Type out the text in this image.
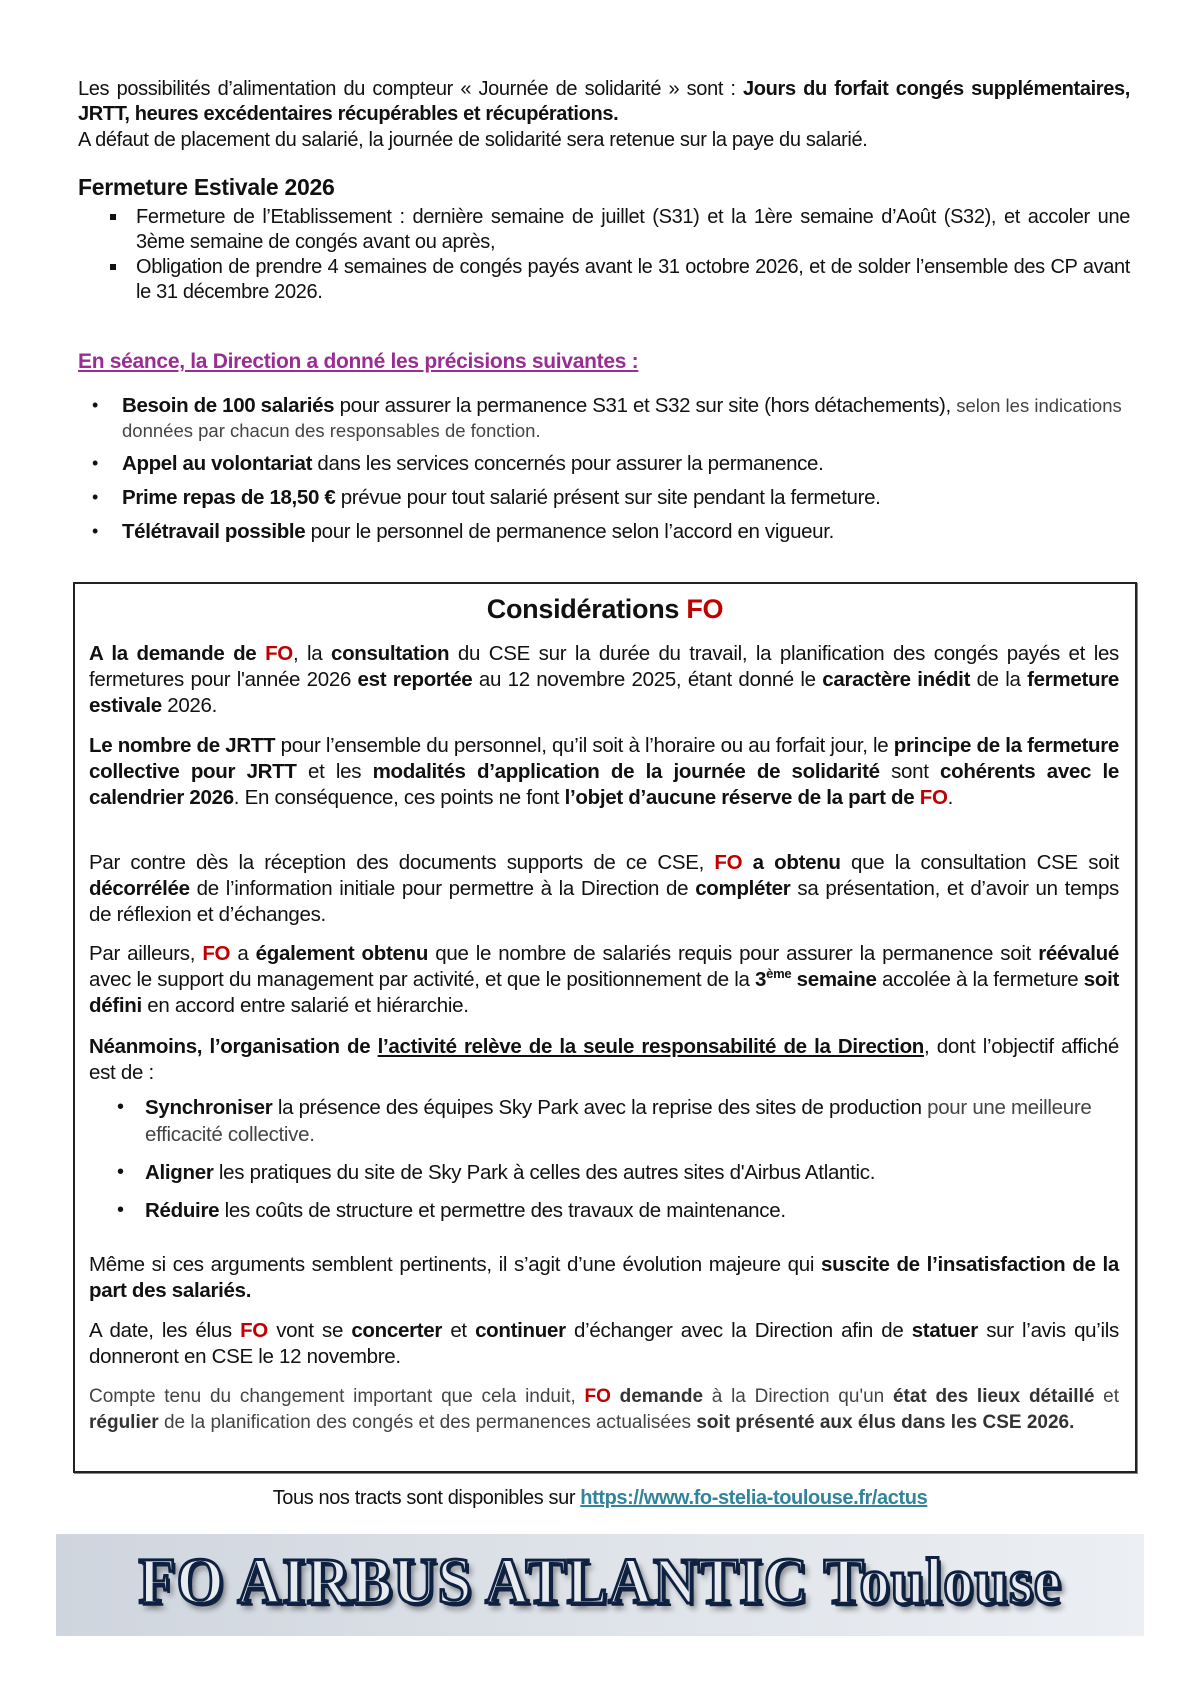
Les possibilités d’alimentation du compteur « Journée de solidarité » sont : Jours du forfait congés supplémentaires, JRTT, heures excédentaires récupérables et récupérations.

A défaut de placement du salarié, la journée de solidarité sera retenue sur la paye du salarié.

Fermeture Estivale 2026
Fermeture de l’Etablissement : dernière semaine de juillet (S31) et la 1ère semaine d’Août (S32), et accoler une 3ème semaine de congés avant ou après,
Obligation de prendre 4 semaines de congés payés avant le 31 octobre 2026, et de solder l’ensemble des CP avant le 31 décembre 2026.
En séance, la Direction a donné les précisions suivantes :
• Besoin de 100 salariés pour assurer la permanence S31 et S32 sur site (hors détachements), selon les indications données par chacun des responsables de fonction.
• Appel au volontariat dans les services concernés pour assurer la permanence.
• Prime repas de 18,50 € prévue pour tout salarié présent sur site pendant la fermeture.
• Télétravail possible pour le personnel de permanence selon l’accord en vigueur.
Considérations FO

A la demande de FO, la consultation du CSE sur la durée du travail, la planification des congés payés et les fermetures pour l'année 2026 est reportée au 12 novembre 2025, étant donné le caractère inédit de la fermeture estivale 2026.

Le nombre de JRTT pour l’ensemble du personnel, qu’il soit à l’horaire ou au forfait jour, le principe de la fermeture collective pour JRTT et les modalités d’application de la journée de solidarité sont cohérents avec le calendrier 2026. En conséquence, ces points ne font l’objet d’aucune réserve de la part de FO.

Par contre dès la réception des documents supports de ce CSE, FO a obtenu que la consultation CSE soit décorrélée de l’information initiale pour permettre à la Direction de compléter sa présentation, et d’avoir un temps de réflexion et d’échanges.

Par ailleurs, FO a également obtenu que le nombre de salariés requis pour assurer la permanence soit réévalué avec le support du management par activité, et que le positionnement de la 3ème semaine accolée à la fermeture soit défini en accord entre salarié et hiérarchie.

Néanmoins, l’organisation de l’activité relève de la seule responsabilité de la Direction, dont l’objectif affiché est de :

• Synchroniser la présence des équipes Sky Park avec la reprise des sites de production pour une meilleure efficacité collective.
• Aligner les pratiques du site de Sky Park à celles des autres sites d'Airbus Atlantic.
• Réduire les coûts de structure et permettre des travaux de maintenance.

Même si ces arguments semblent pertinents, il s’agit d’une évolution majeure qui suscite de l’insatisfaction de la part des salariés.

A date, les élus FO vont se concerter et continuer d’échanger avec la Direction afin de statuer sur l’avis qu’ils donneront en CSE le 12 novembre.

Compte tenu du changement important que cela induit, FO demande à la Direction qu'un état des lieux détaillé et régulier de la planification des congés et des permanences actualisées soit présenté aux élus dans les CSE 2026.

Tous nos tracts sont disponibles sur https://www.fo-stelia-toulouse.fr/actus
FO AIRBUS ATLANTIC Toulouse
